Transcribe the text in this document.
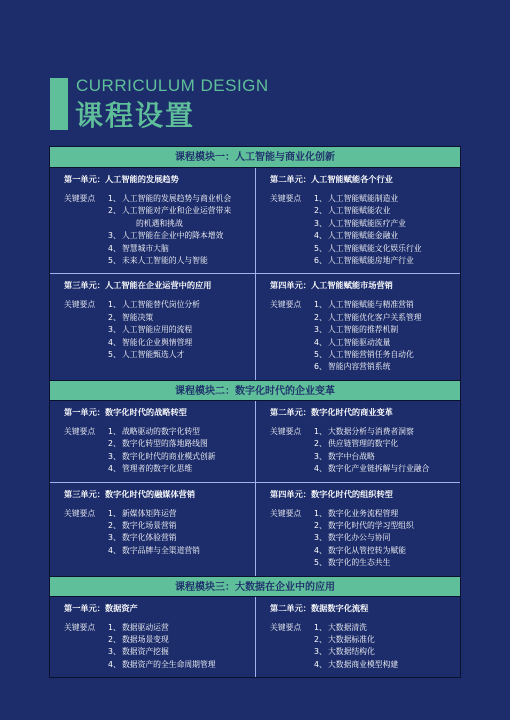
CURRICULUM DESIGN
课程设置
课程模块一：人工智能与商业化创新
第一单元：人工智能的发展趋势
关键要点	1、人工智能的发展趋势与商业机会
2、人工智能对产业和企业运营带来
的机遇和挑战
3、人工智能在企业中的降本增效
4、智慧城市大脑
5、未来人工智能的人与智能
第二单元：人工智能赋能各个行业
关键要点	1、人工智能赋能制造业
2、人工智能赋能农业
3、人工智能赋能医疗产业
4、人工智能赋能金融业
5、人工智能赋能文化娱乐行业
6、人工智能赋能房地产行业
第三单元：人工智能在企业运营中的应用
关键要点	1、人工智能替代岗位分析
2、智能决策
3、人工智能应用的流程
4、智能化企业舆情管理
5、人工智能甄选人才
第四单元：人工智能赋能市场营销
关键要点	1、人工智能赋能与精准营销
2、人工智能优化客户关系管理
3、人工智能的推荐机制
4、人工智能驱动流量
5、人工智能营销任务自动化
6、智能内容营销系统
课程模块二：数字化时代的企业变革
第一单元：数字化时代的战略转型
关键要点	1、战略驱动的数字化转型
2、数字化转型的落地路线图
3、数字化时代的商业模式创新
4、管理者的数字化思维
第二单元：数字化时代的商业变革
关键要点	1、大数据分析与消费者洞察
2、供应链管理的数字化
3、数字中台战略
4、数字化产业链拆解与行业融合
第三单元：数字化时代的融媒体营销
关键要点	1、新媒体矩阵运营
2、数字化场景营销
3、数字化体验营销
4、数字品牌与全渠道营销
第四单元：数字化时代的组织转型
关键要点	1、数字化业务流程管理
2、数字化时代的学习型组织
3、数字化办公与协同
4、数字化从管控转为赋能
5、数字化的生态共生
课程模块三：大数据在企业中的应用
第一单元：数据资产
关键要点	1、数据驱动运营
2、数据场景变现
3、数据资产挖掘
4、数据资产的全生命周期管理
第二单元：数据数字化流程
关键要点	1、大数据清洗
2、大数据标准化
3、大数据结构化
4、大数据商业模型构建
